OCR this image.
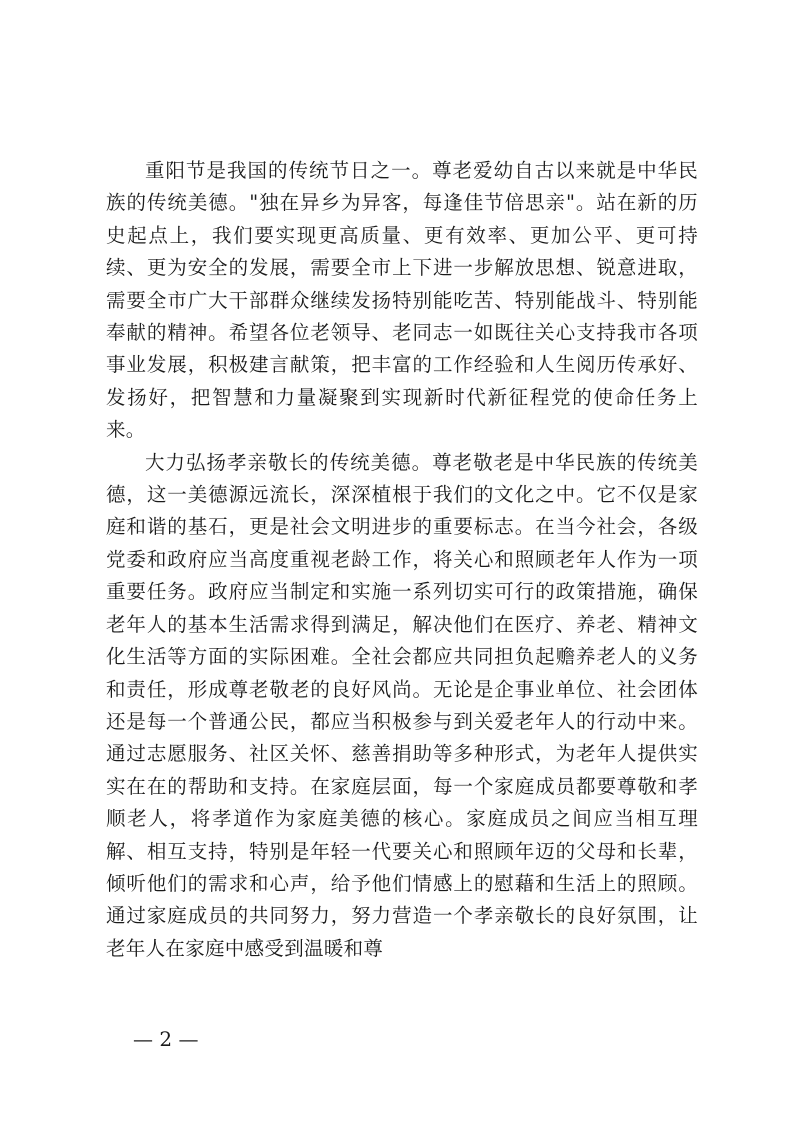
重阳节是我国的传统节日之一。尊老爱幼自古以来就是中华民族的传统美德。"独在异乡为异客，每逢佳节倍思亲"。站在新的历史起点上，我们要实现更高质量、更有效率、更加公平、更可持续、更为安全的发展，需要全市上下进一步解放思想、锐意进取，需要全市广大干部群众继续发扬特别能吃苦、特别能战斗、特别能奉献的精神。希望各位老领导、老同志一如既往关心支持我市各项事业发展，积极建言献策，把丰富的工作经验和人生阅历传承好、发扬好，把智慧和力量凝聚到实现新时代新征程党的使命任务上来。

大力弘扬孝亲敬长的传统美德。尊老敬老是中华民族的传统美德，这一美德源远流长，深深植根于我们的文化之中。它不仅是家庭和谐的基石，更是社会文明进步的重要标志。在当今社会，各级党委和政府应当高度重视老龄工作，将关心和照顾老年人作为一项重要任务。政府应当制定和实施一系列切实可行的政策措施，确保老年人的基本生活需求得到满足，解决他们在医疗、养老、精神文化生活等方面的实际困难。全社会都应共同担负起赡养老人的义务和责任，形成尊老敬老的良好风尚。无论是企事业单位、社会团体还是每一个普通公民，都应当积极参与到关爱老年人的行动中来。通过志愿服务、社区关怀、慈善捐助等多种形式，为老年人提供实实在在的帮助和支持。在家庭层面，每一个家庭成员都要尊敬和孝顺老人，将孝道作为家庭美德的核心。家庭成员之间应当相互理解、相互支持，特别是年轻一代要关心和照顾年迈的父母和长辈，倾听他们的需求和心声，给予他们情感上的慰藉和生活上的照顾。通过家庭成员的共同努力，努力营造一个孝亲敬长的良好氛围，让老年人在家庭中感受到温暖和尊

— 2 —
